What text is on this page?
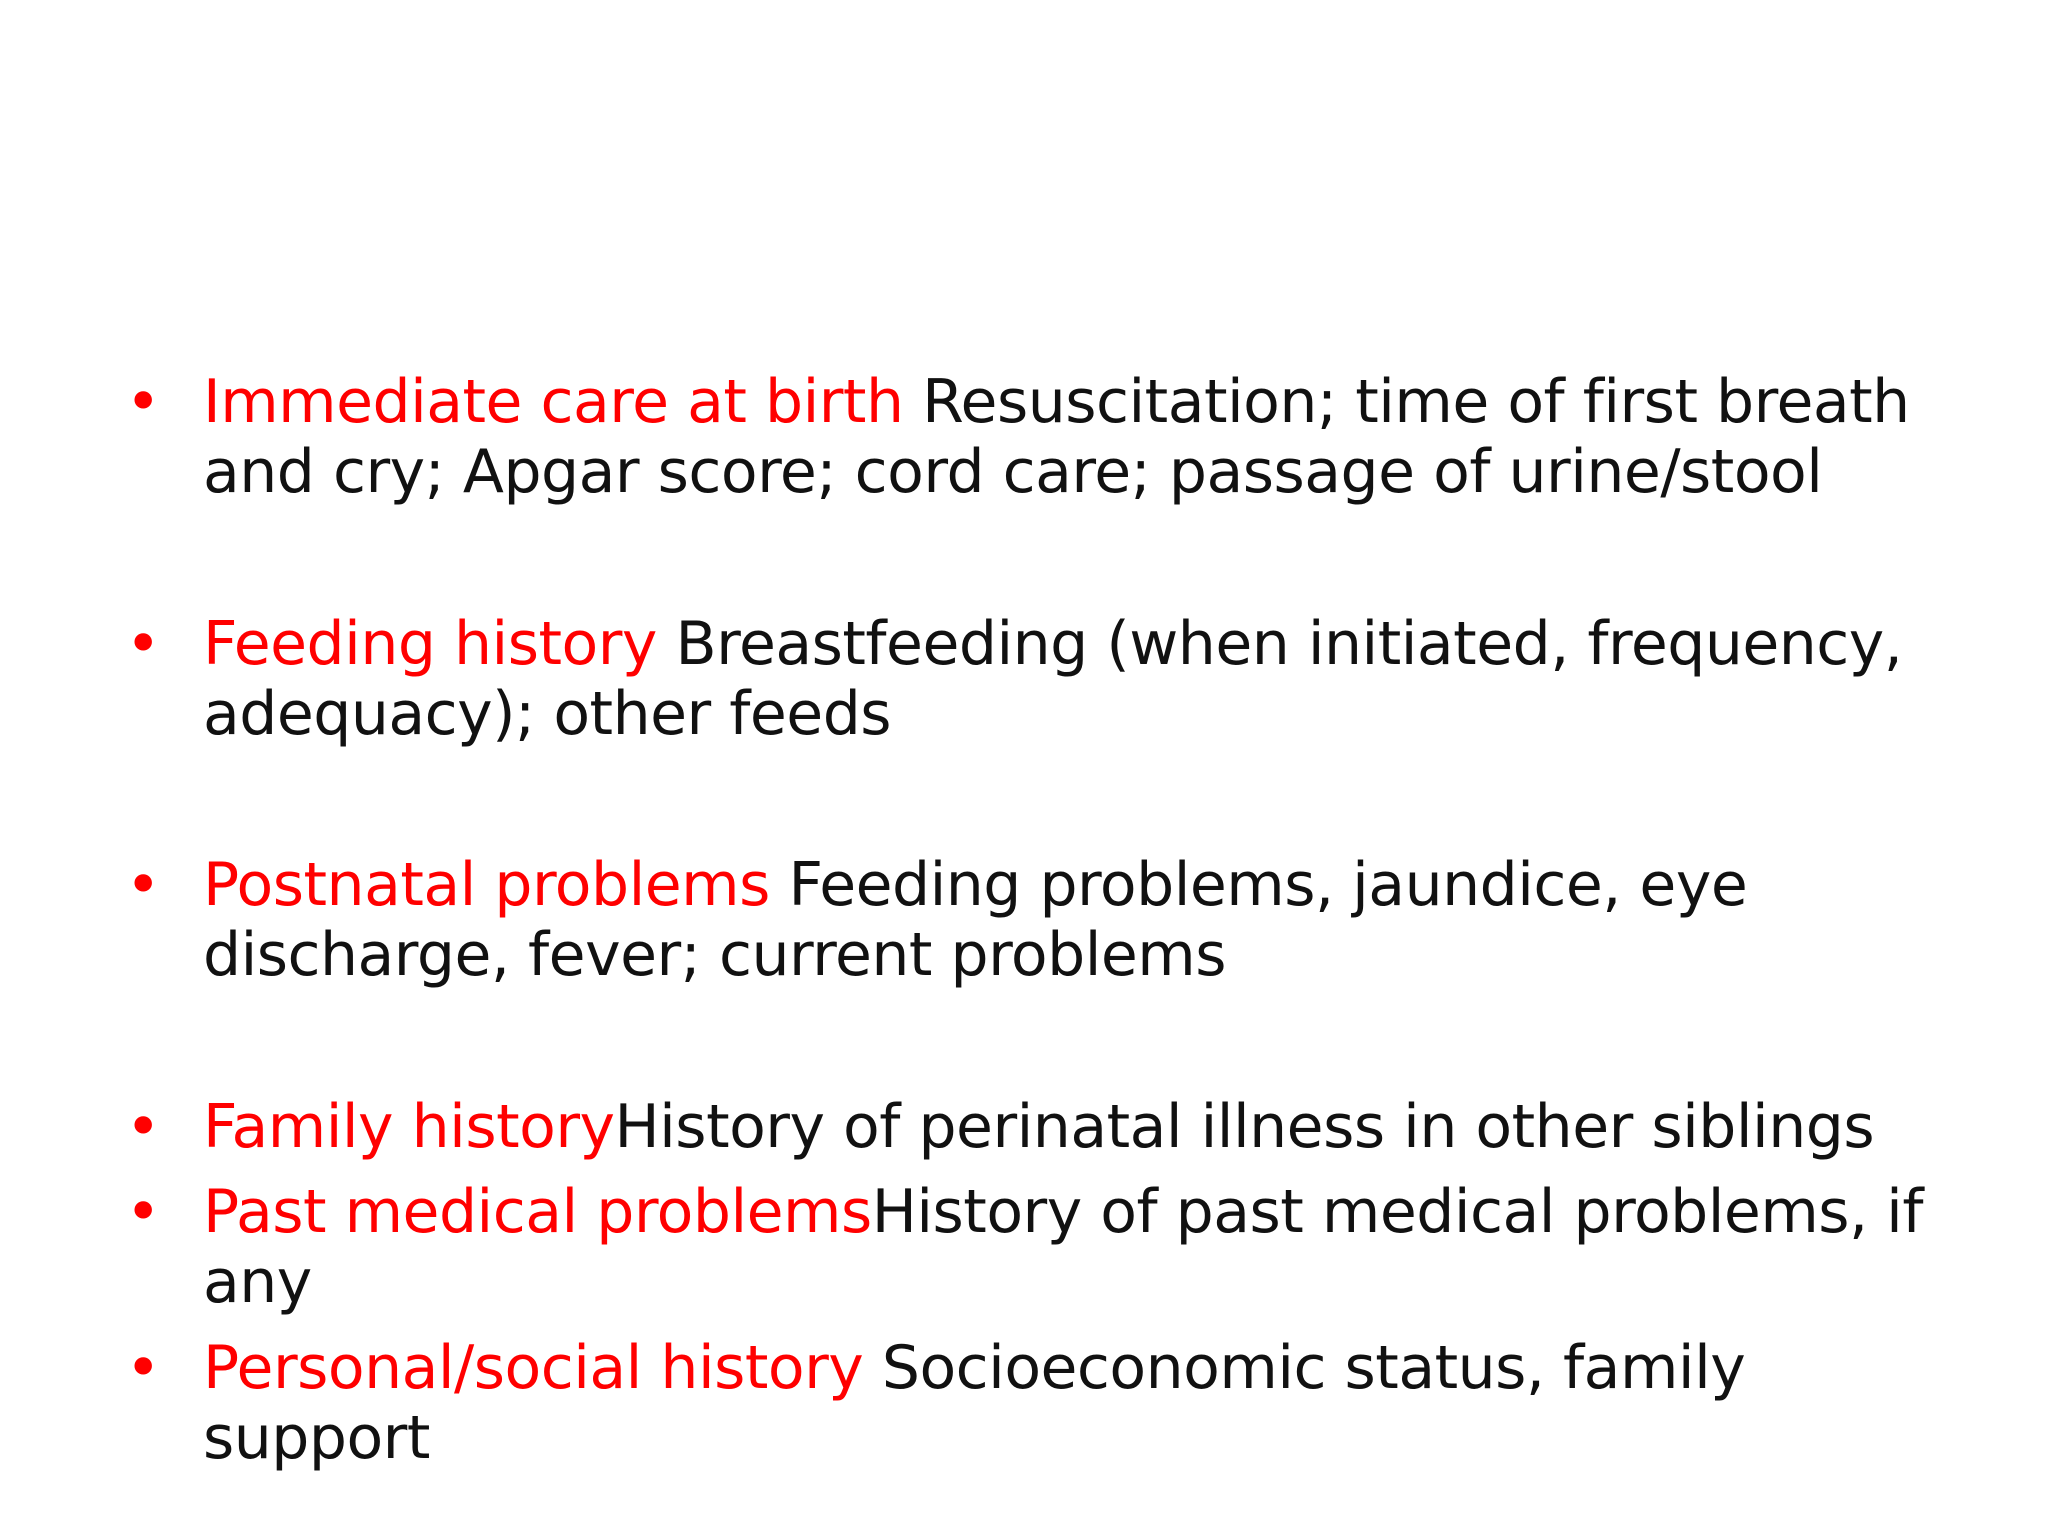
• Immediate care at birth Resuscitation; time of first breath and cry; Apgar score; cord care; passage of urine/stool
• Feeding history Breastfeeding (when initiated, frequency, adequacy); other feeds
• Postnatal problems Feeding problems, jaundice, eye discharge, fever; current problems
• Family historyHistory of perinatal illness in other siblings
• Past medical problemsHistory of past medical problems, if any
• Personal/social history Socioeconomic status, family support
